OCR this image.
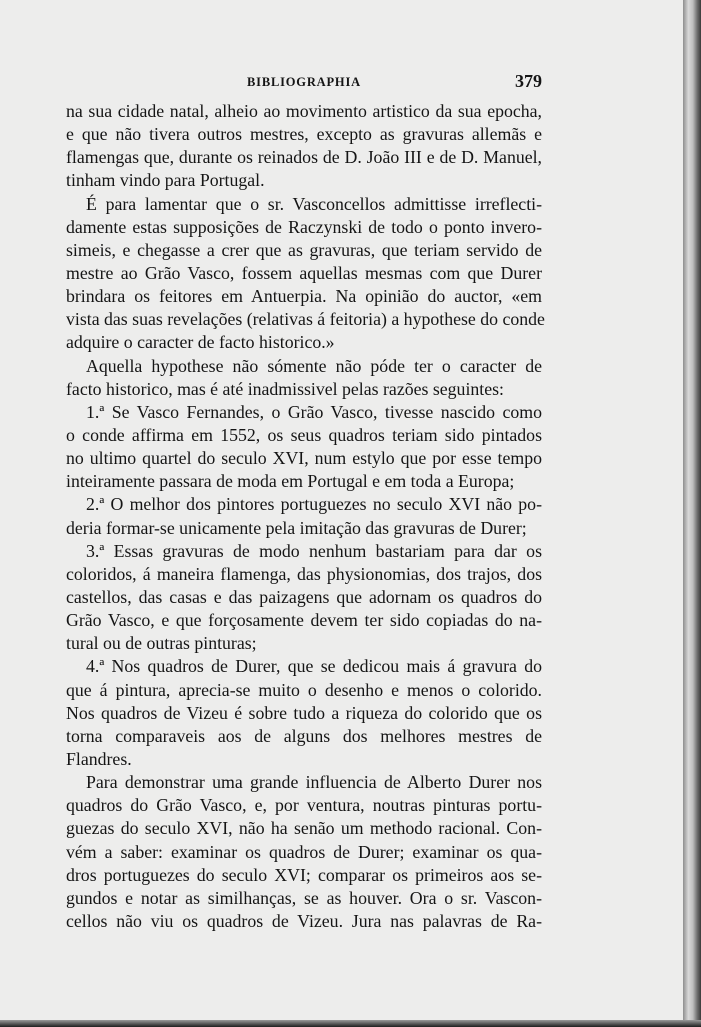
BIBLIOGRAPHIA	379
na sua cidade natal, alheio ao movimento artistico da sua epocha,
e que não tivera outros mestres, excepto as gravuras allemãs e
flamengas que, durante os reinados de D. João III e de D. Manuel,
tinham vindo para Portugal.
É para lamentar que o sr. Vasconcellos admittisse irreflecti-
damente estas supposições de Raczynski de todo o ponto invero-
simeis, e chegasse a crer que as gravuras, que teriam servido de
mestre ao Grão Vasco, fossem aquellas mesmas com que Durer
brindara os feitores em Antuerpia. Na opinião do auctor, «em
vista das suas revelações (relativas á feitoria) a hypothese do conde
adquire o caracter de facto historico.»
Aquella hypothese não sómente não póde ter o caracter de
facto historico, mas é até inadmissivel pelas razões seguintes:
1.ª Se Vasco Fernandes, o Grão Vasco, tivesse nascido como
o conde affirma em 1552, os seus quadros teriam sido pintados
no ultimo quartel do seculo XVI, num estylo que por esse tempo
inteiramente passara de moda em Portugal e em toda a Europa;
2.ª O melhor dos pintores portuguezes no seculo XVI não po-
deria formar-se unicamente pela imitação das gravuras de Durer;
3.ª Essas gravuras de modo nenhum bastariam para dar os
coloridos, á maneira flamenga, das physionomias, dos trajos, dos
castellos, das casas e das paizagens que adornam os quadros do
Grão Vasco, e que forçosamente devem ter sido copiadas do na-
tural ou de outras pinturas;
4.ª Nos quadros de Durer, que se dedicou mais á gravura do
que á pintura, aprecia-se muito o desenho e menos o colorido.
Nos quadros de Vizeu é sobre tudo a riqueza do colorido que os
torna comparaveis aos de alguns dos melhores mestres de
Flandres.
Para demonstrar uma grande influencia de Alberto Durer nos
quadros do Grão Vasco, e, por ventura, noutras pinturas portu-
guezas do seculo XVI, não ha senão um methodo racional. Con-
vém a saber: examinar os quadros de Durer; examinar os qua-
dros portuguezes do seculo XVI; comparar os primeiros aos se-
gundos e notar as similhanças, se as houver. Ora o sr. Vascon-
cellos não viu os quadros de Vizeu. Jura nas palavras de Ra-
